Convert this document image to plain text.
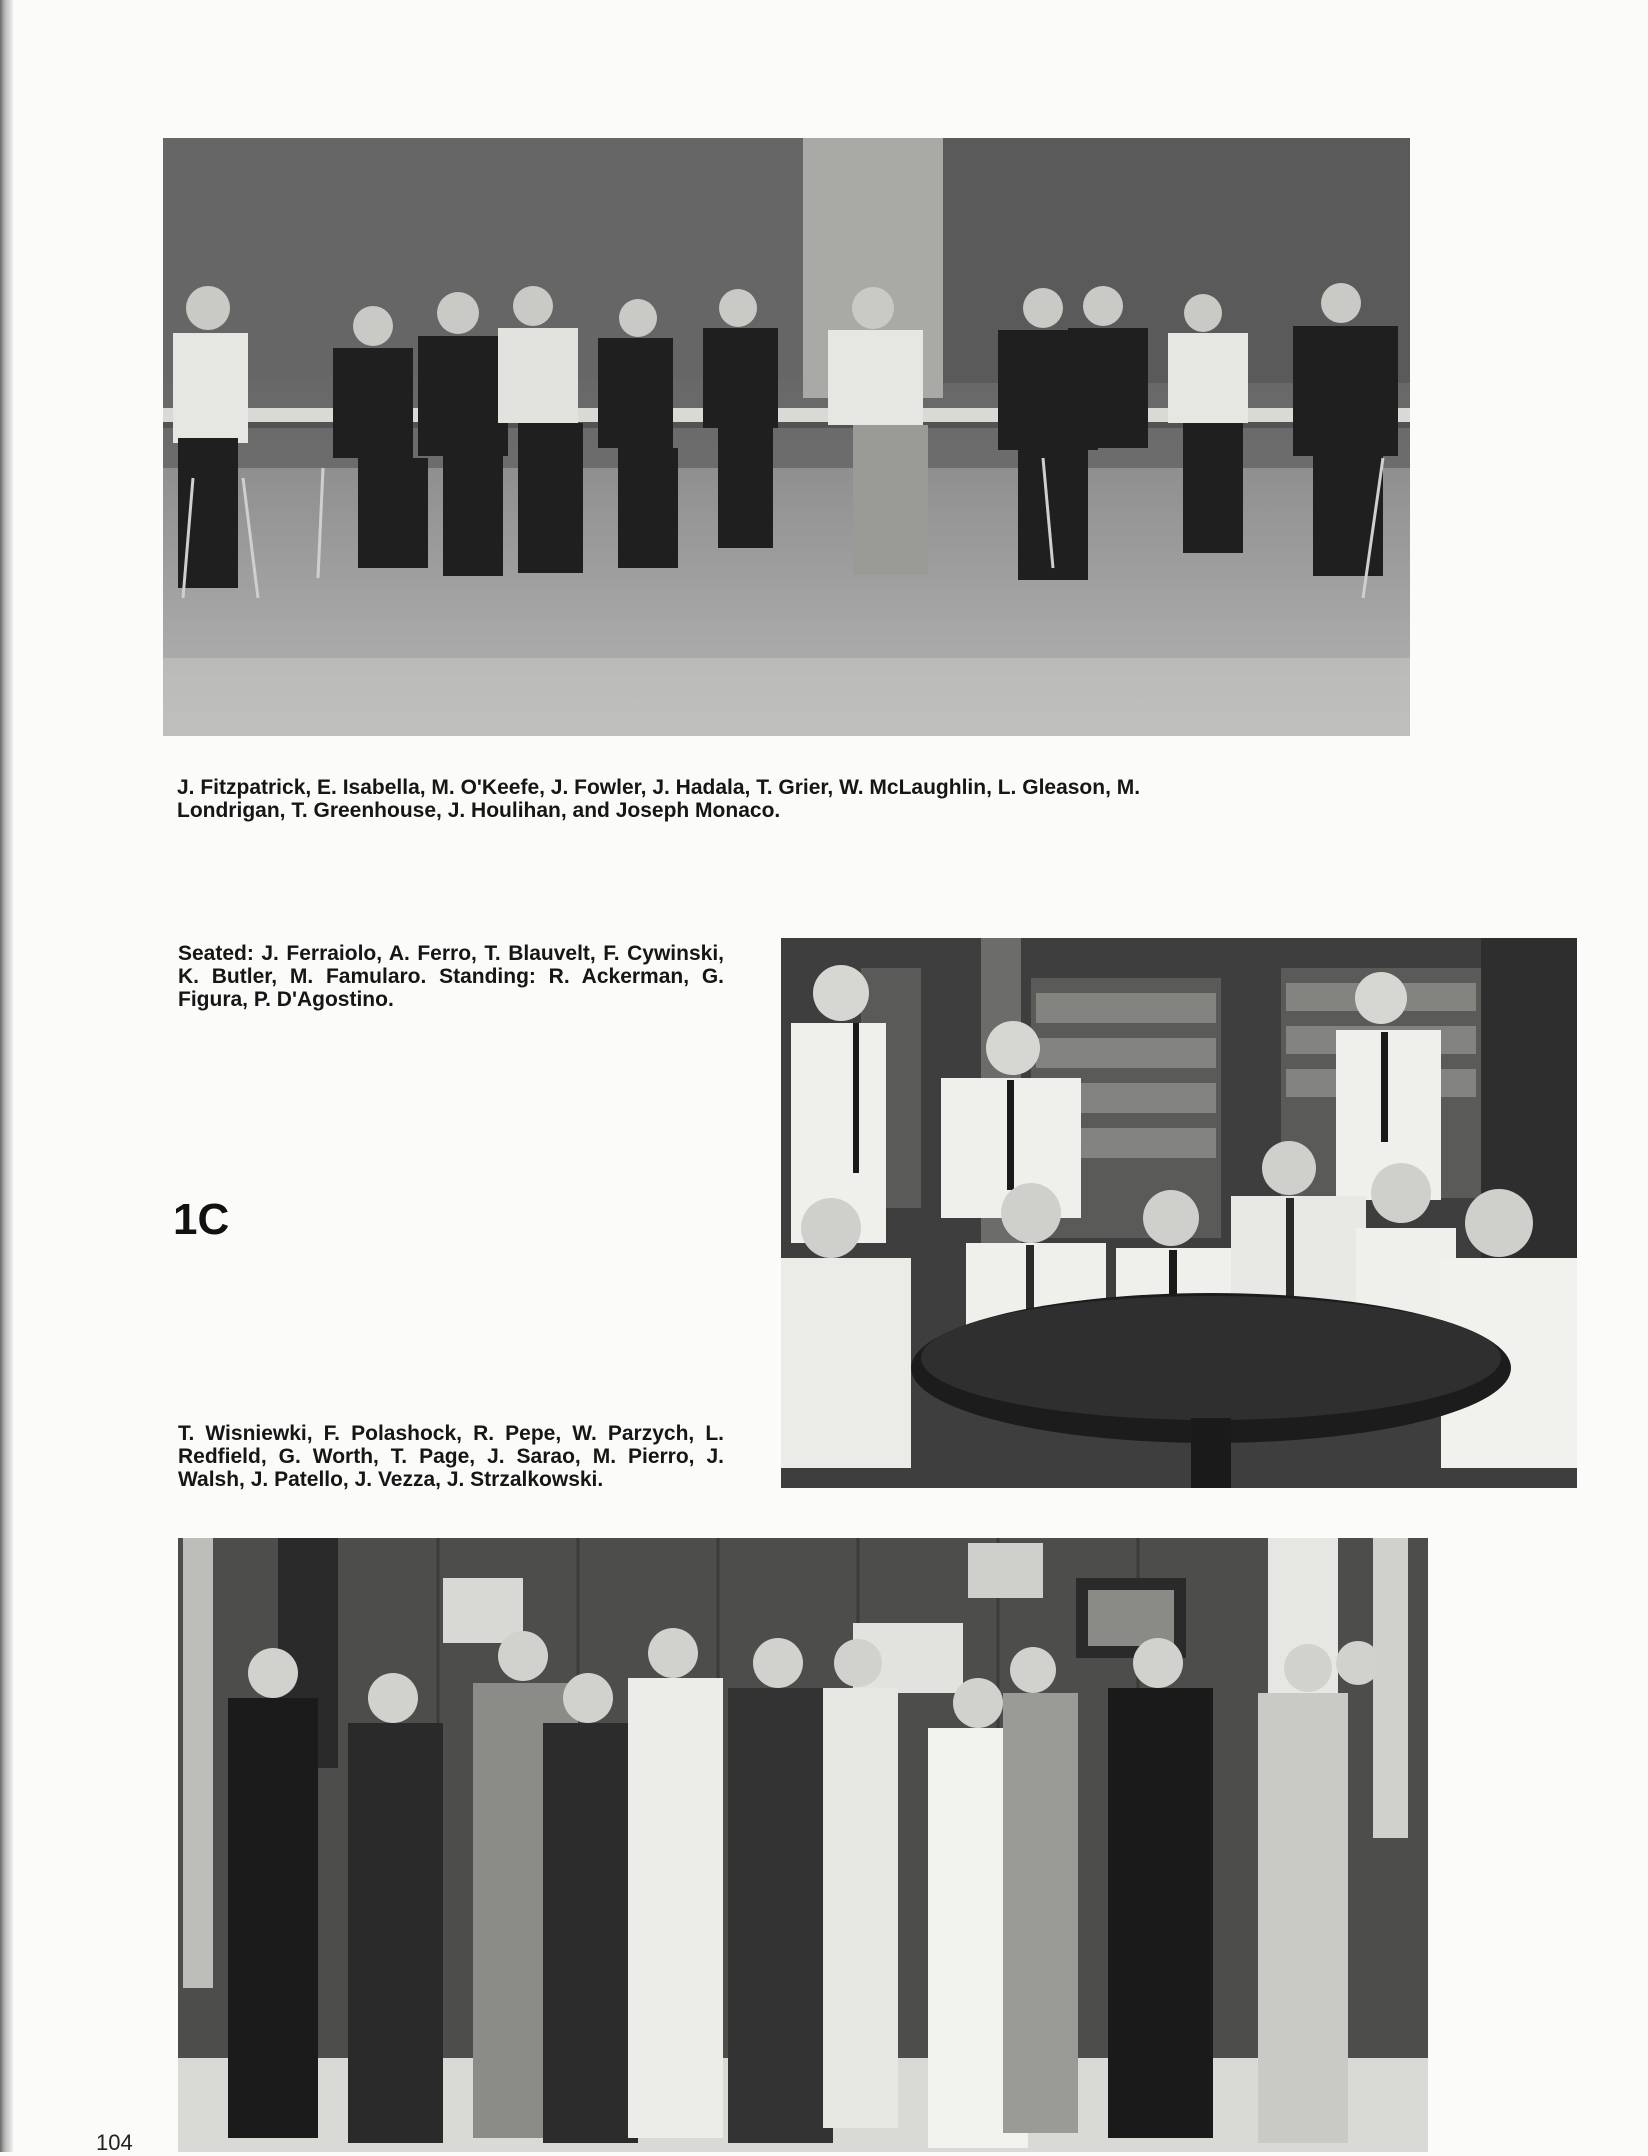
J. Fitzpatrick, E. Isabella, M. O'Keefe, J. Fowler, J. Hadala, T. Grier, W. McLaughlin, L. Gleason, M. Londrigan, T. Greenhouse, J. Houlihan, and Joseph Monaco.

Seated: J. Ferraiolo, A. Ferro, T. Blauvelt, F. Cywinski, K. Butler, M. Famularo. Standing: R. Ackerman, G. Figura, P. D'Agostino.

1C

T. Wisniewki, F. Polashock, R. Pepe, W. Parzych, L. Redfield, G. Worth, T. Page, J. Sarao, M. Pierro, J. Walsh, J. Patello, J. Vezza, J. Strzalkowski.

104
